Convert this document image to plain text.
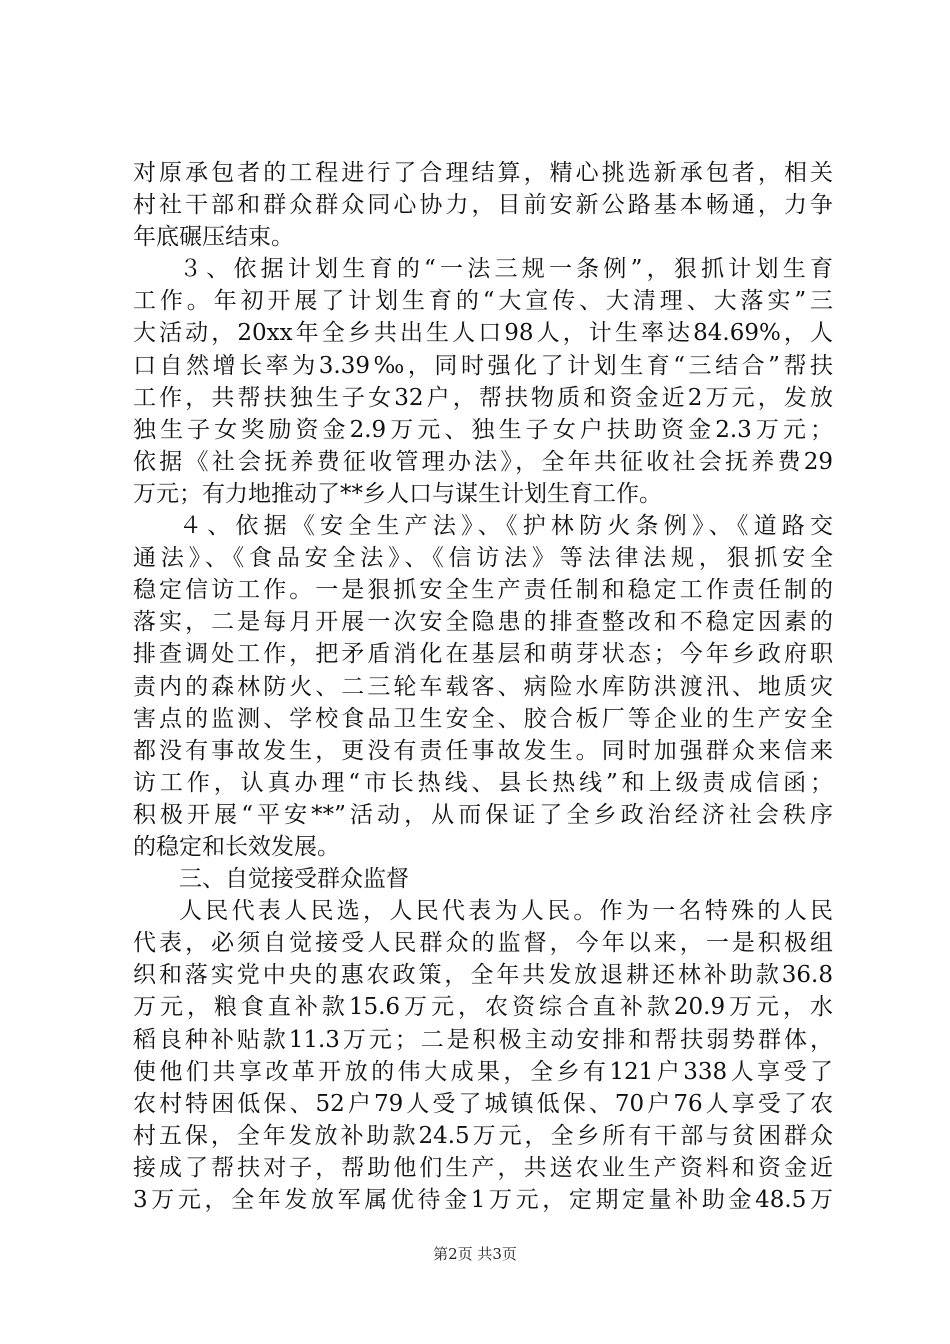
对原承包者的工程进行了合理结算，精心挑选新承包者，相关
村社干部和群众群众同心协力，目前安新公路基本畅通，力争
年底碾压结束。
３、依据计划生育的“一法三规一条例”，狠抓计划生育
工作。年初开展了计划生育的“大宣传、大清理、大落实”三
大活动，20xx年全乡共出生人口98人，计生率达84.69%，人
口自然增长率为3.39‰，同时强化了计划生育“三结合”帮扶
工作，共帮扶独生子女32户，帮扶物质和资金近2万元，发放
独生子女奖励资金2.9万元、独生子女户扶助资金2.3万元；
依据《社会抚养费征收管理办法》，全年共征收社会抚养费29
万元；有力地推动了**乡人口与谋生计划生育工作。
４、依据《安全生产法》、《护林防火条例》、《道路交
通法》、《食品安全法》、《信访法》等法律法规，狠抓安全
稳定信访工作。一是狠抓安全生产责任制和稳定工作责任制的
落实，二是每月开展一次安全隐患的排查整改和不稳定因素的
排查调处工作，把矛盾消化在基层和萌芽状态；今年乡政府职
责内的森林防火、二三轮车载客、病险水库防洪渡汛、地质灾
害点的监测、学校食品卫生安全、胶合板厂等企业的生产安全
都没有事故发生，更没有责任事故发生。同时加强群众来信来
访工作，认真办理“市长热线、县长热线”和上级责成信函；
积极开展“平安**”活动，从而保证了全乡政治经济社会秩序
的稳定和长效发展。
三、自觉接受群众监督
人民代表人民选，人民代表为人民。作为一名特殊的人民
代表，必须自觉接受人民群众的监督，今年以来，一是积极组
织和落实党中央的惠农政策，全年共发放退耕还林补助款36.8
万元，粮食直补款15.6万元，农资综合直补款20.9万元，水
稻良种补贴款11.3万元；二是积极主动安排和帮扶弱势群体，
使他们共享改革开放的伟大成果，全乡有121户338人享受了
农村特困低保、52户79人受了城镇低保、70户76人享受了农
村五保，全年发放补助款24.5万元，全乡所有干部与贫困群众
接成了帮扶对子，帮助他们生产，共送农业生产资料和资金近
3万元，全年发放军属优待金1万元，定期定量补助金48.5万
第2页 共3页
